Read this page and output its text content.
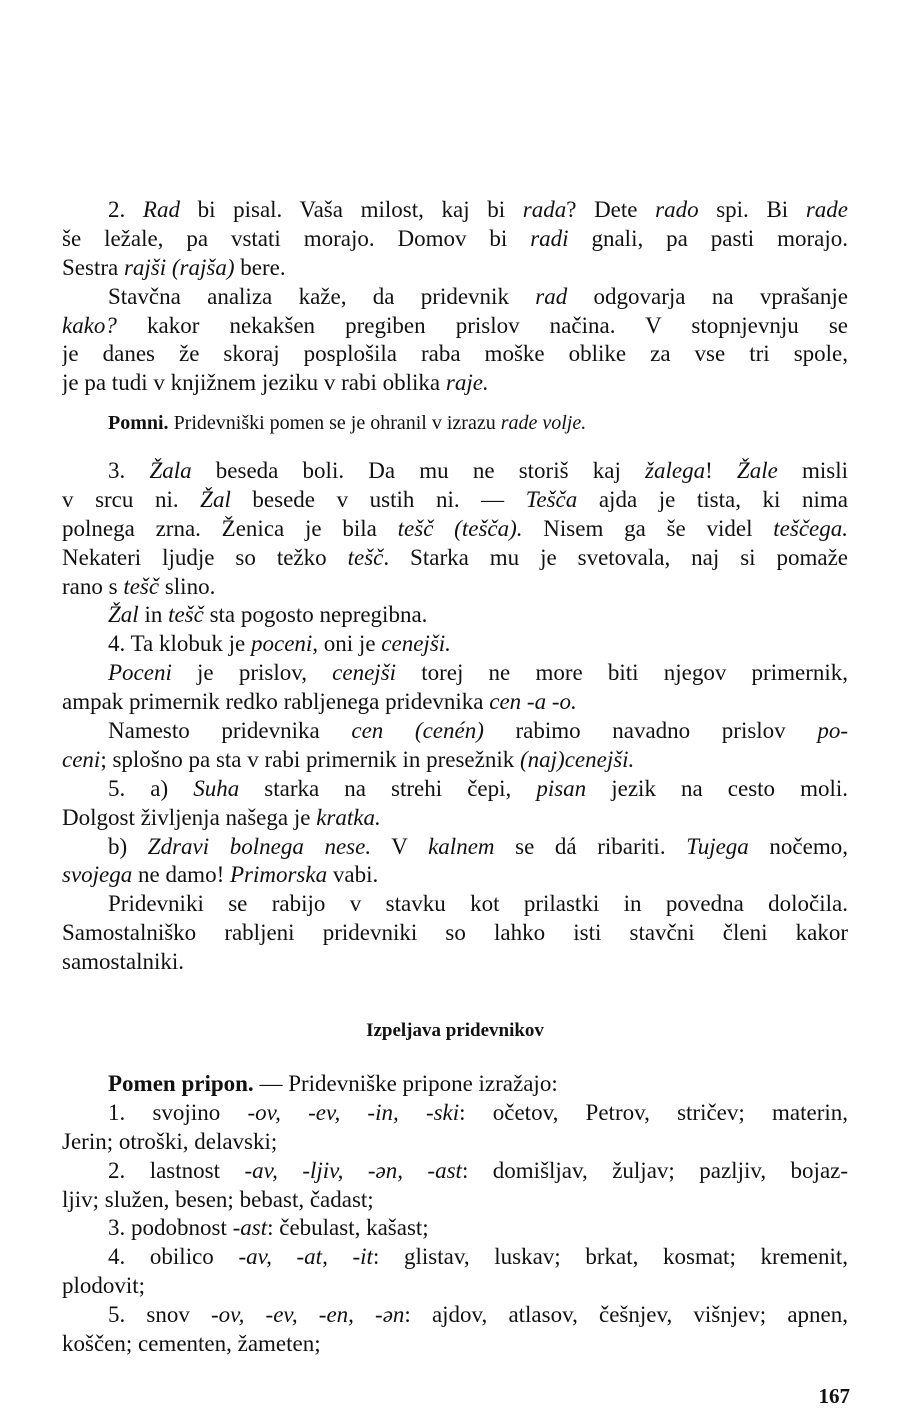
2. Rad bi pisal. Vaša milost, kaj bi rada? Dete rado spi. Bi rade
še ležale, pa vstati morajo. Domov bi radi gnali, pa pasti morajo.
Sestra rajši (rajša) bere.
Stavčna analiza kaže, da pridevnik rad odgovarja na vprašanje
kako? kakor nekakšen pregiben prislov načina. V stopnjevnju se
je danes že skoraj posplošila raba moške oblike za vse tri spole,
je pa tudi v knjižnem jeziku v rabi oblika raje.
Pomni. Pridevniški pomen se je ohranil v izrazu rade volje.
3. Žala beseda boli. Da mu ne storiš kaj žalega! Žale misli
v srcu ni. Žal besede v ustih ni. — Tešča ajda je tista, ki nima
polnega zrna. Ženica je bila tešč (tešča). Nisem ga še videl teščega.
Nekateri ljudje so težko tešč. Starka mu je svetovala, naj si pomaže
rano s tešč slino.
Žal in tešč sta pogosto nepregibna.
4. Ta klobuk je poceni, oni je cenejši.
Poceni je prislov, cenejši torej ne more biti njegov primernik,
ampak primernik redko rabljenega pridevnika cen -a -o.
Namesto pridevnika cen (cenén) rabimo navadno prislov po-
ceni; splošno pa sta v rabi primernik in presežnik (naj)cenejši.
5. a) Suha starka na strehi čepi, pisan jezik na cesto moli.
Dolgost življenja našega je kratka.
b) Zdravi bolnega nese. V kalnem se dá ribariti. Tujega nočemo,
svojega ne damo! Primorska vabi.
Pridevniki se rabijo v stavku kot prilastki in povedna določila.
Samostalniško rabljeni pridevniki so lahko isti stavčni členi kakor
samostalniki.
Izpeljava pridevnikov
Pomen pripon. — Pridevniške pripone izražajo:
1. svojino -ov, -ev, -in, -ski: očetov, Petrov, stričev; materin,
Jerin; otroški, delavski;
2. lastnost -av, -ljiv, -ən, -ast: domišljav, žuljav; pazljiv, bojaz-
ljiv; služen, besen; bebast, čadast;
3. podobnost -ast: čebulast, kašast;
4. obilico -av, -at, -it: glistav, luskav; brkat, kosmat; kremenit,
plodovit;
5. snov -ov, -ev, -en, -ən: ajdov, atlasov, češnjev, višnjev; apnen,
koščen; cementen, žameten;
167
